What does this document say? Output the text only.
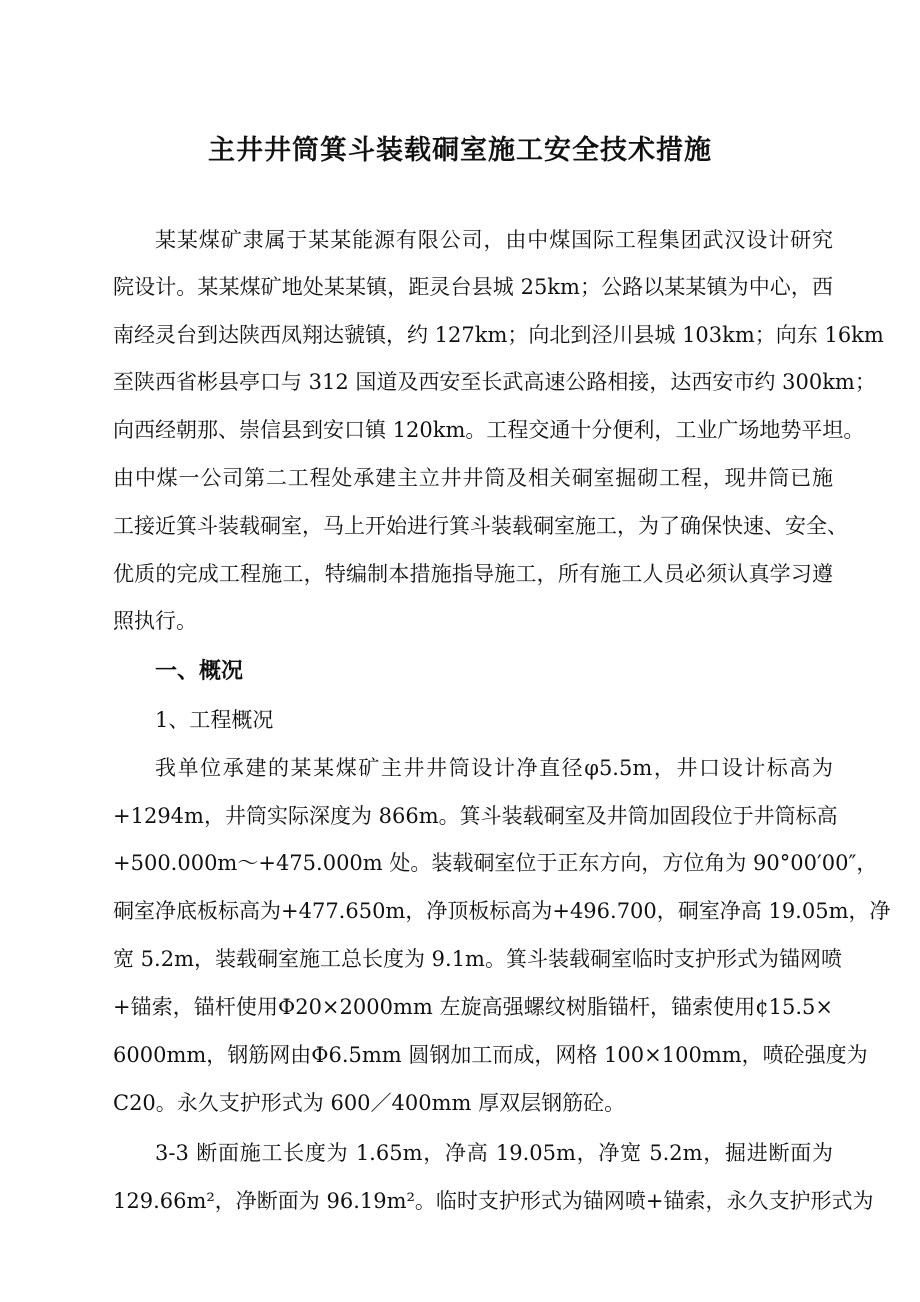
主井井筒箕斗装载硐室施工安全技术措施

某某煤矿隶属于某某能源有限公司，由中煤国际工程集团武汉设计研究

院设计。某某煤矿地处某某镇，距灵台县城 25km；公路以某某镇为中心，西

南经灵台到达陕西凤翔达虢镇，约 127km；向北到泾川县城 103km；向东 16km

至陕西省彬县亭口与 312 国道及西安至长武高速公路相接，达西安市约 300km；

向西经朝那、崇信县到安口镇 120km。工程交通十分便利，工业广场地势平坦。

由中煤一公司第二工程处承建主立井井筒及相关硐室掘砌工程，现井筒已施

工接近箕斗装载硐室，马上开始进行箕斗装载硐室施工，为了确保快速、安全、

优质的完成工程施工，特编制本措施指导施工，所有施工人员必须认真学习遵

照执行。

一、概况

1、工程概况

我单位承建的某某煤矿主井井筒设计净直径φ5.5m，井口设计标高为

+1294m，井筒实际深度为 866m。箕斗装载硐室及井筒加固段位于井筒标高

+500.000m～+475.000m 处。装载硐室位于正东方向，方位角为 90°00′00″，

硐室净底板标高为+477.650m，净顶板标高为+496.700，硐室净高 19.05m，净

宽 5.2m，装载硐室施工总长度为 9.1m。箕斗装载硐室临时支护形式为锚网喷

+锚索，锚杆使用Φ20×2000mm 左旋高强螺纹树脂锚杆，锚索使用¢15.5×

6000mm，钢筋网由Φ6.5mm 圆钢加工而成，网格 100×100mm，喷砼强度为

C20。永久支护形式为 600／400mm 厚双层钢筋砼。

3-3 断面施工长度为 1.65m，净高 19.05m，净宽 5.2m，掘进断面为

129.66m²，净断面为 96.19m²。临时支护形式为锚网喷+锚索，永久支护形式为
